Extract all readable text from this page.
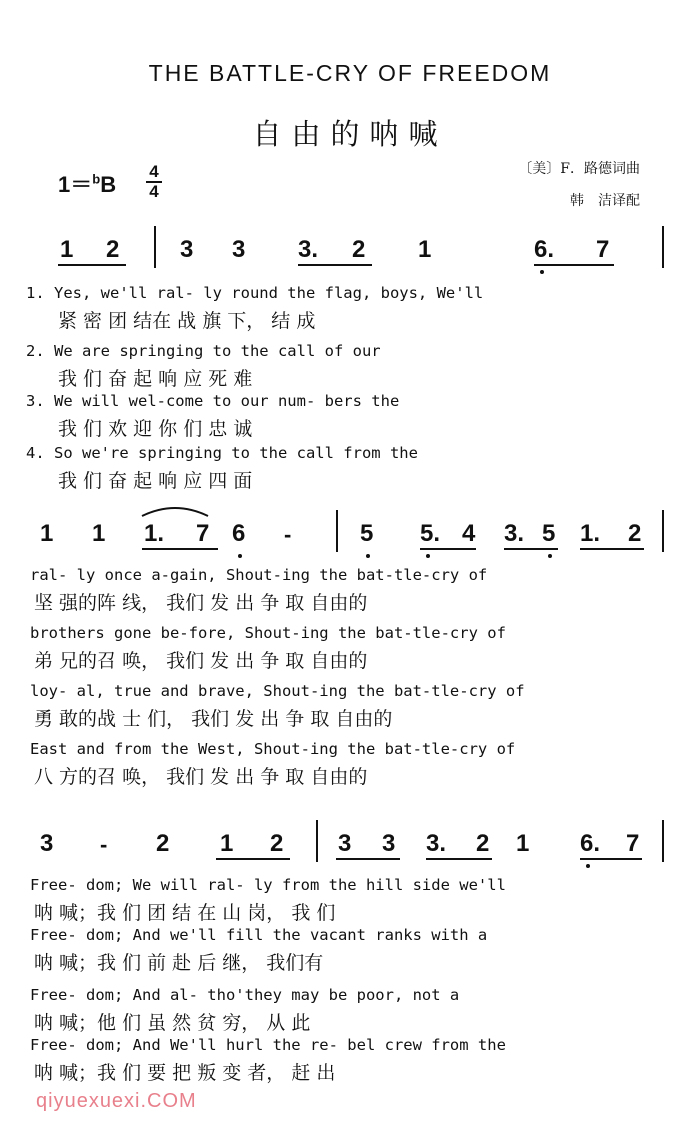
THE BATTLE-CRY OF FREEDOM
自由的呐喊
1＝$^b$B
4
4
〔美〕F．路德词曲
韩　洁译配
1 2	3 3 3. 2 1	6. 7
1. Yes, we'll ral- ly round the flag, boys, We'll
紧 密 团 结在 战 旗 下， 结 成
2. We are springing to the call of our
我 们 奋 起 响 应 死 难
3. We will wel-come to our num- bers the
我 们 欢 迎 你 们 忠 诚
4. So we're springing to the call from the
我 们 奋 起 响 应 四 面
1 1 1. 7 6 -	5 5. 4 3. 5 1. 2
ral- ly once a-gain, Shout-ing the bat-tle-cry of
坚 强的阵 线， 我们 发 出 争 取 自由的
brothers gone be-fore, Shout-ing the bat-tle-cry of
弟 兄的召 唤， 我们 发 出 争 取 自由的
loy- al, true and brave, Shout-ing the bat-tle-cry of
勇 敢的战 士 们， 我们 发 出 争 取 自由的
East and from the West, Shout-ing the bat-tle-cry of
八 方的召 唤， 我们 发 出 争 取 自由的
3 - 2 1 2 3 3 3. 2 1 6. 7
Free- dom; We will ral- ly from the hill side we'll
呐 喊；我 们 团 结 在 山 岗， 我 们
Free- dom; And we'll fill the vacant ranks with a
呐 喊；我 们 前 赴 后 继， 我们有
Free- dom; And al- tho'they may be poor, not a
呐 喊；他 们 虽 然 贫 穷， 从 此
Free- dom; And We'll hurl the re- bel crew from the
呐 喊；我 们 要 把 叛 变 者， 赶 出
qiyuexuexi.COM
